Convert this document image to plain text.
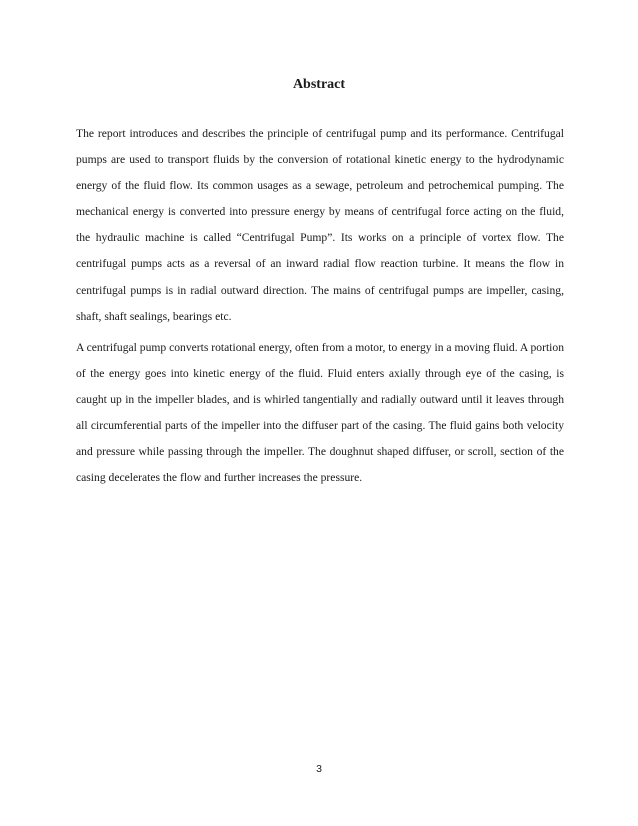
Abstract

The report introduces and describes the principle of centrifugal pump and its performance. Centrifugal pumps are used to transport fluids by the conversion of rotational kinetic energy to the hydrodynamic energy of the fluid flow. Its common usages as a sewage, petroleum and petrochemical pumping. The mechanical energy is converted into pressure energy by means of centrifugal force acting on the fluid, the hydraulic machine is called “Centrifugal Pump”. Its works on a principle of vortex flow. The centrifugal pumps acts as a reversal of an inward radial flow reaction turbine. It means the flow in centrifugal pumps is in radial outward direction. The mains of centrifugal pumps are impeller, casing, shaft, shaft sealings, bearings etc.

A centrifugal pump converts rotational energy, often from a motor, to energy in a moving fluid. A portion of the energy goes into kinetic energy of the fluid. Fluid enters axially through eye of the casing, is caught up in the impeller blades, and is whirled tangentially and radially outward until it leaves through all circumferential parts of the impeller into the diffuser part of the casing. The fluid gains both velocity and pressure while passing through the impeller. The doughnut shaped diffuser, or scroll, section of the casing decelerates the flow and further increases the pressure.

3
